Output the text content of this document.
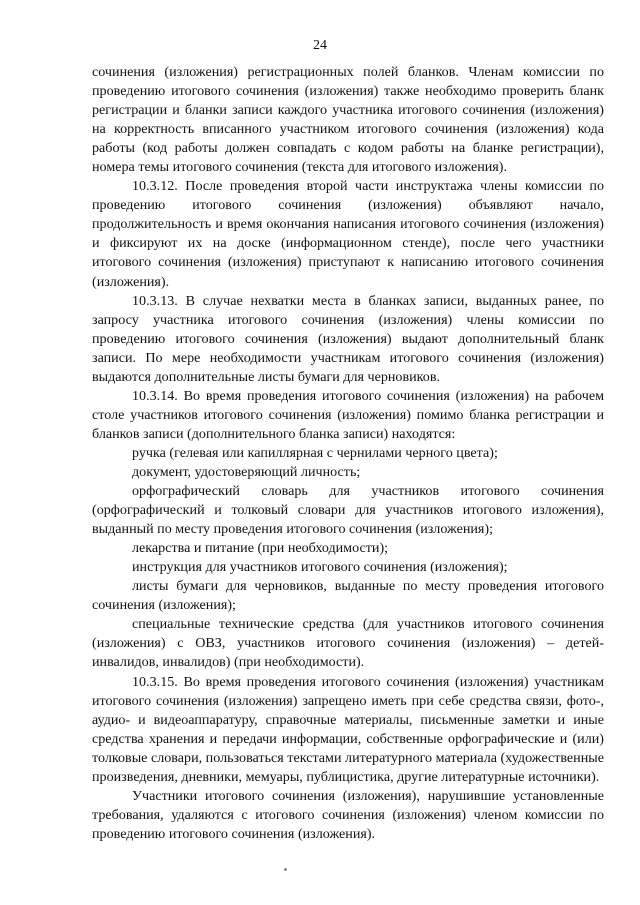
24

сочинения (изложения) регистрационных полей бланков. Членам комиссии по проведению итогового сочинения (изложения) также необходимо проверить бланк регистрации и бланки записи каждого участника итогового сочинения (изложения) на корректность вписанного участником итогового сочинения (изложения) кода работы (код работы должен совпадать с кодом работы на бланке регистрации), номера темы итогового сочинения (текста для итогового изложения).

10.3.12. После проведения второй части инструктажа члены комиссии по проведению итогового сочинения (изложения) объявляют начало, продолжительность и время окончания написания итогового сочинения (изложения) и фиксируют их на доске (информационном стенде), после чего участники итогового сочинения (изложения) приступают к написанию итогового сочинения (изложения).

10.3.13. В случае нехватки места в бланках записи, выданных ранее, по запросу участника итогового сочинения (изложения) члены комиссии по проведению итогового сочинения (изложения) выдают дополнительный бланк записи. По мере необходимости участникам итогового сочинения (изложения) выдаются дополнительные листы бумаги для черновиков.

10.3.14. Во время проведения итогового сочинения (изложения) на рабочем столе участников итогового сочинения (изложения) помимо бланка регистрации и бланков записи (дополнительного бланка записи) находятся:

ручка (гелевая или капиллярная с чернилами черного цвета);

документ, удостоверяющий личность;

орфографический словарь для участников итогового сочинения (орфографический и толковый словари для участников итогового изложения), выданный по месту проведения итогового сочинения (изложения);

лекарства и питание (при необходимости);

инструкция для участников итогового сочинения (изложения);

листы бумаги для черновиков, выданные по месту проведения итогового сочинения (изложения);

специальные технические средства (для участников итогового сочинения (изложения) с ОВЗ, участников итогового сочинения (изложения) – детей-инвалидов, инвалидов) (при необходимости).

10.3.15. Во время проведения итогового сочинения (изложения) участникам итогового сочинения (изложения) запрещено иметь при себе средства связи, фото-, аудио- и видеоаппаратуру, справочные материалы, письменные заметки и иные средства хранения и передачи информации, собственные орфографические и (или) толковые словари, пользоваться текстами литературного материала (художественные произведения, дневники, мемуары, публицистика, другие литературные источники).

Участники итогового сочинения (изложения), нарушившие установленные требования, удаляются с итогового сочинения (изложения) членом комиссии по проведению итогового сочинения (изложения).
